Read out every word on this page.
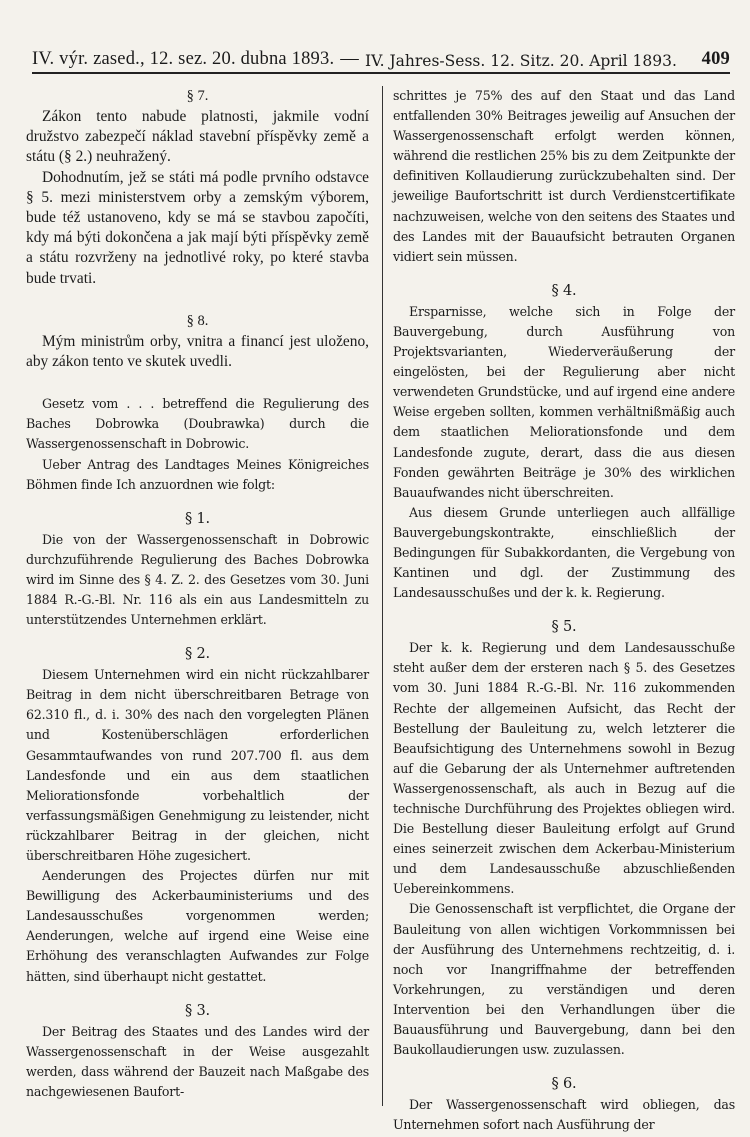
IV. výr. zased., 12. sez. 20. dubna 1893. — IV. Jahres-Sess. 12. Sitz. 20. April 1893. 409
§ 7.

Zákon tento nabude platnosti, jakmile vodní družstvo zabezpečí náklad stavební příspěvky země a státu (§ 2.) neuhražený.

Dohodnutím, jež se státi má podle prvního odstavce § 5. mezi ministerstvem orby a zemským výborem, bude též ustanoveno, kdy se má se stavbou započíti, kdy má býti dokončena a jak mají býti příspěvky země a státu rozvrženy na jednotlivé roky, po které stavba bude trvati.

§ 8.

Mým ministrům orby, vnitra a financí jest uloženo, aby zákon tento ve skutek uvedli.

Gesetz vom . . . betreffend die Regulierung des Baches Dobrowka (Doubrawka) durch die Wassergenossenschaft in Dobrowic.

Ueber Antrag des Landtages Meines Königreiches Böhmen finde Ich anzuordnen wie folgt:

§ 1.

Die von der Wassergenossenschaft in Dobrowic durchzuführende Regulierung des Baches Dobrowka wird im Sinne des § 4. Z. 2. des Gesetzes vom 30. Juni 1884 R.-G.-Bl. Nr. 116 als ein aus Landesmitteln zu unterstützendes Unternehmen erklärt.

§ 2.

Diesem Unternehmen wird ein nicht rückzahlbarer Beitrag in dem nicht überschreitbaren Betrage von 62.310 fl., d. i. 30% des nach den vorgelegten Plänen und Kostenüberschlägen erforderlichen Gesammtaufwandes von rund 207.700 fl. aus dem Landesfonde und ein aus dem staatlichen Meliorationsfonde vorbehaltlich der verfassungsmäßigen Genehmigung zu leistender, nicht rückzahlbarer Beitrag in der gleichen, nicht überschreitbaren Höhe zugesichert.

Aenderungen des Projectes dürfen nur mit Bewilligung des Ackerbauministeriums und des Landesausschußes vorgenommen werden; Aenderungen, welche auf irgend eine Weise eine Erhöhung des veranschlagten Aufwandes zur Folge hätten, sind überhaupt nicht gestattet.

§ 3.

Der Beitrag des Staates und des Landes wird der Wassergenossenschaft in der Weise ausgezahlt werden, dass während der Bauzeit nach Maßgabe des nachgewiesenen Baufort-

schrittes je 75% des auf den Staat und das Land entfallenden 30% Beitrages jeweilig auf Ansuchen der Wassergenossenschaft erfolgt werden können, während die restlichen 25% bis zu dem Zeitpunkte der definitiven Kollaudierung zurückzubehalten sind. Der jeweilige Baufortschritt ist durch Verdienstcertifikate nachzuweisen, welche von den seitens des Staates und des Landes mit der Bauaufsicht betrauten Organen vidiert sein müssen.

§ 4.

Ersparnisse, welche sich in Folge der Bauvergebung, durch Ausführung von Projektsvarianten, Wiederveräußerung der eingelösten, bei der Regulierung aber nicht verwendeten Grundstücke, und auf irgend eine andere Weise ergeben sollten, kommen verhältnißmäßig auch dem staatlichen Meliorationsfonde und dem Landesfonde zugute, derart, dass die aus diesen Fonden gewährten Beiträge je 30% des wirklichen Bauaufwandes nicht überschreiten.

Aus diesem Grunde unterliegen auch allfällige Bauvergebungskontrakte, einschließlich der Bedingungen für Subakkordanten, die Vergebung von Kantinen und dgl. der Zustimmung des Landesausschußes und der k. k. Regierung.

§ 5.

Der k. k. Regierung und dem Landesausschuße steht außer dem der ersteren nach § 5. des Gesetzes vom 30. Juni 1884 R.-G.-Bl. Nr. 116 zukommenden Rechte der allgemeinen Aufsicht, das Recht der Bestellung der Bauleitung zu, welch letzterer die Beaufsichtigung des Unternehmens sowohl in Bezug auf die Gebarung der als Unternehmer auftretenden Wassergenossenschaft, als auch in Bezug auf die technische Durchführung des Projektes obliegen wird. Die Bestellung dieser Bauleitung erfolgt auf Grund eines seinerzeit zwischen dem Ackerbau-Ministerium und dem Landesausschuße abzuschließenden Uebereinkommens.

Die Genossenschaft ist verpflichtet, die Organe der Bauleitung von allen wichtigen Vorkommnissen bei der Ausführung des Unternehmens rechtzeitig, d. i. noch vor Inangriffnahme der betreffenden Vorkehrungen, zu verständigen und deren Intervention bei den Verhandlungen über die Bauausführung und Bauvergebung, dann bei den Baukollaudierungen usw. zuzulassen.

§ 6.

Der Wassergenossenschaft wird obliegen, das Unternehmen sofort nach Ausführung der
